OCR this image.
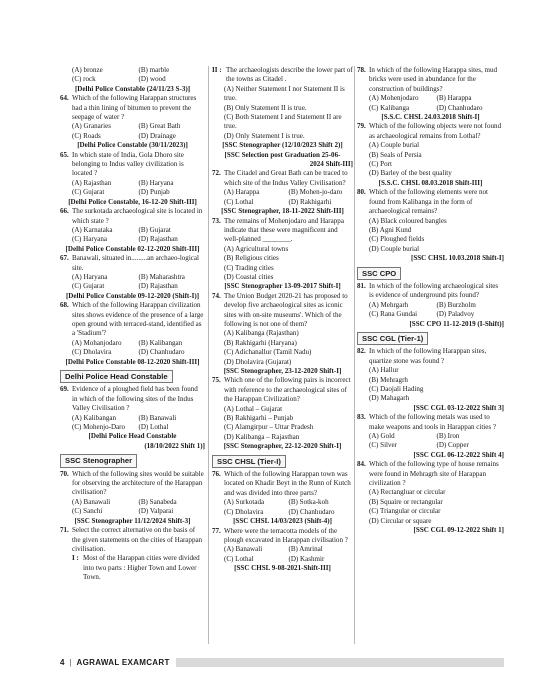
(A) bronze	(B) marble
(C) rock	(D) wood
[Delhi Police Constable (24/11/23 S-3)]
64. Which of the following Harappan structures had a thin lining of bitumen to prevent the seepage of water ?
(A) Granaries	(B) Great Bath
(C) Roads	(D) Drainage
[Delhi Police Constable (30/11/2023)]
65. In which state of India, Gola Dhoro site belonging to Indus valley civilization is located ?
(A) Rajasthan	(B) Haryana
(C) Gujarat	(D) Punjab
[Delhi Police Constable, 16-12-20 Shift-III]
66. The surkotada archaeological site is located in which state ?
(A) Karnataka	(B) Gujarat
(C) Haryana	(D) Rajasthan
[Delhi Police Constable 02-12-2020 Shift-III]
67. Banawali, situated in.........an archaeo-logical site.
(A) Haryana	(B) Maharashtra
(C) Gujarat	(D) Rajasthan
[Delhi Police Constable 09-12-2020 (Shift-I)]
68. Which of the following Harappan civilization sites shows evidence of the presence of a large open ground with terraced-stand, identified as a 'Stadium'?
(A) Mohanjodaro	(B) Kalibangan
(C) Dholavira	(D) Chanhudaro
[Delhi Police Constable 08-12-2020 Shift-III]
Delhi Police Head Constable
69. Evidence of a ploughed field has been found in which of the following sites of the Indus Valley Civilisation ?
(A) Kalibangan	(B) Banawali
(C) Mohenjo-Daro	(D) Lothal
[Delhi Police Head Constable
(18/10/2022 Shift 1)]
SSC Stenographer
70. Which of the following sites would be suitable for observing the architecture of the Harappan civilisation?
(A) Banawali	(B) Sanabeda
(C) Sanchi	(D) Valparai
[SSC Stenographer 11/12/2024 Shift-3]
71. Select the correct alternative on the basis of the given statements on the cities of Harappan civilisation.
I : Most of the Harappan cities were divided into two parts : Higher Town and Lower Town.
II : The archaeologists describe the lower part of the towns as Citadel .
(A) Neither Statement I nor Statement II is true.
(B) Only Statement II is true.
(C) Both Statement I and Statement II are true.
(D) Only Statement I is true.
[SSC Stenographer (12/10/2023 Shift 2)]
[SSC Selection post Graduation 25-06-
2024 Shift-III]
72. The Citadel and Great Bath can be traced to which site of the Indus Valley Civilisation?
(A) Harappa	(B) Mohen-jo-daro
(C) Lothal	(D) Rakhigarhi
[SSC Stenographer, 18-11-2022 Shift-III]
73. The remains of Mohenjodaro and Harappa indicate that these were magnificent and well-planned ________.
(A) Agricultural towns
(B) Religious cities
(C) Trading cities
(D) Coastal cities
[SSC Stenographer 13-09-2017 Shift-I]
74. The Union Budget 2020-21 has proposed to develop five archaeological sites as iconic sites with on-site museums'. Which of the following is not one of them?
(A) Kalibanga (Rajasthan)
(B) Rakhigarhi (Haryana)
(C) Adichanallur (Tamil Nadu)
(D) Dholavira (Gujarat)
[SSC Stenographer, 23-12-2020 Shift-I]
75. Which one of the following pairs is incorrect with reference to the archaeological sites of the Harappan Civilization?
(A) Lothal – Gujarat
(B) Rakhigarhi – Punjab
(C) Alamgirpur – Uttar Pradesh
(D) Kalibanga – Rajasthan
[SSC Stenographer, 22-12-2020 Shift-I]
SSC CHSL (Tier-I)
76. Which of the following Harappan town was located on Khadir Beyt in the Runn of Kutch and was divided into three parts?
(A) Surkotada	(B) Sotka-koh
(C) Dholavira	(D) Chanhudaro
[SSC CHSL 14/03/2023 (Shift-4)]
77. Where were the terracotta models of the plough excavated in Harappan civilisation ?
(A) Banawali	(B) Amrinal
(C) Lothal	(D) Kashmir
[SSC CHSL 9-08-2021-Shift-III]
78. In which of the following Harappa sites, mud bricks were used in abundance for the construction of buildings?
(A) Mohenjodaro	(B) Harappa
(C) Kalibanga	(D) Chanhudaro
[S.S.C. CHSL 24.03.2018 Shift-I]
79. Which of the following objects were not found as archaeological remains from Lothal?
(A) Couple burial
(B) Seals of Persia
(C) Port
(D) Barley of the best quality
[S.S.C. CHSL 08.03.2018 Shift-III]
80. Which of the following elements were not found from Kalibanga in the form of archaeological remains?
(A) Black coloured bangles
(B) Agni Kund
(C) Ploughed fields
(D) Couple burial
[SSC CHSL 10.03.2018 Shift-I]
SSC CPO
81. In which of the following archaeological sites is evidence of underground pits found?
(A) Mehrgarh	(B) Burzholm
(C) Rana Gundai	(D) Paladvoy
[SSC CPO 11-12-2019 (I-Shift)]
SSC CGL (Tier-1)
82. In which of the following Harappan sites, quartize stone was found ?
(A) Hallur
(B) Mehragrh
(C) Daojali Hading
(D) Mahagarh
[SSC CGL 03-12-2022 Shift 3]
83. Which of the following metals was used to make weapons and tools in Harappan cities ?
(A) Gold	(B) Iron
(C) Silver	(D) Copper
[SSC CGL 06-12-2022 Shift 4]
84. Which of the following type of house remains were found in Mehragrh site of Harappan civilization ?
(A) Rectangluar or circular
(B) Squaire or rectangular
(C) Triangular or circular
(D) Circular or square
[SSC CGL 09-12-2022 Shift 1]
4 | AGRAWAL EXAMCART
